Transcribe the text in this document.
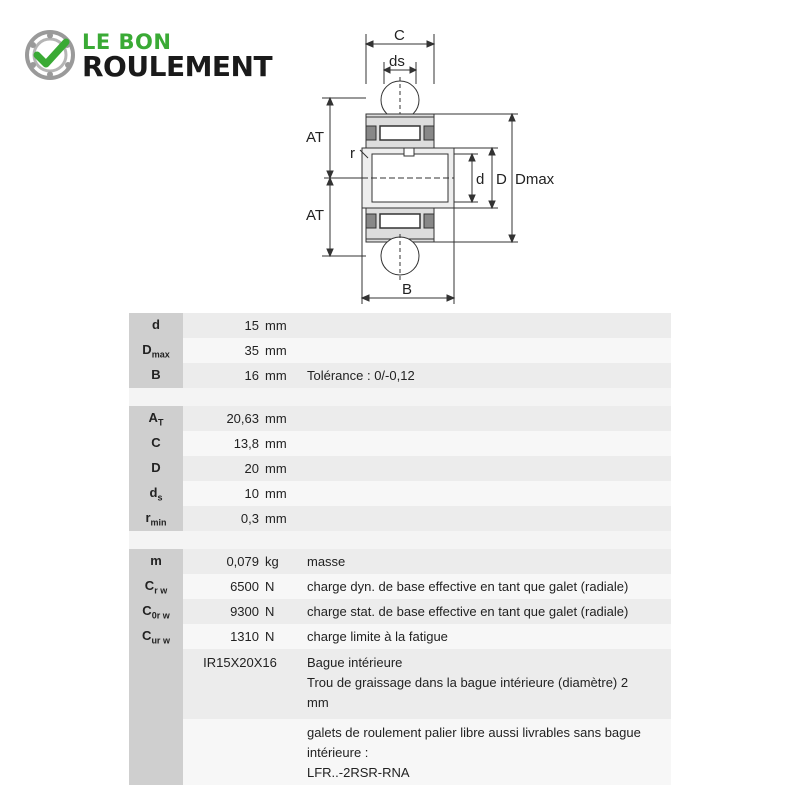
LE BON
ROULEMENT
C
ds
AT
r
d D Dmax
AT
B
d	15	mm	
$D_{max}$	35	mm	
B	16	mm	Tolérance : 0/-0,12

$A_T$	20,63	mm	
C	13,8	mm	
D	20	mm	
$d_s$	10	mm	
$r_{min}$	0,3	mm	

m	0,079	kg	masse
$C_{r w}$	6500	N	charge dyn. de base effective en tant que galet (radiale)
$C_{0r w}$	9300	N	charge stat. de base effective en tant que galet (radiale)
$C_{ur w}$	1310	N	charge limite à la fatigue
	IR15X20X16		Bague intérieure
Trou de graissage dans la bague intérieure (diamètre) 2
mm

			galets de roulement palier libre aussi livrables sans bague
intérieure :
LFR..-2RSR-RNA
